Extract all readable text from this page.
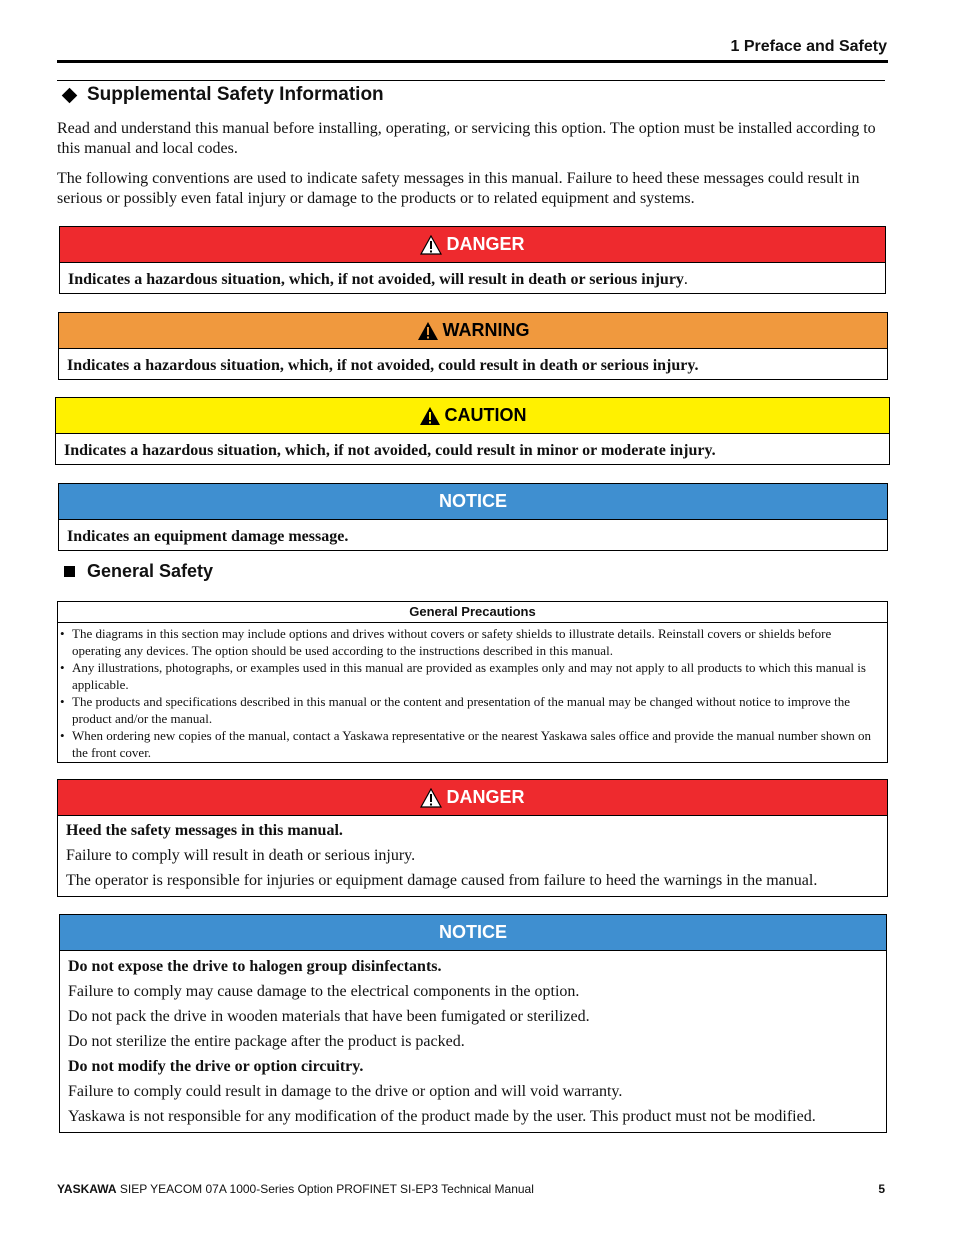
1 Preface and Safety
Supplemental Safety Information

Read and understand this manual before installing, operating, or servicing this option. The option must be installed according to this manual and local codes.

The following conventions are used to indicate safety messages in this manual. Failure to heed these messages could result in serious or possibly even fatal injury or damage to the products or to related equipment and systems.

DANGER
Indicates a hazardous situation, which, if not avoided, will result in death or serious injury.
WARNING
Indicates a hazardous situation, which, if not avoided, could result in death or serious injury.
CAUTION
Indicates a hazardous situation, which, if not avoided, could result in minor or moderate injury.
NOTICE
Indicates an equipment damage message.
General Safety
General Precautions
• The diagrams in this section may include options and drives without covers or safety shields to illustrate details. Reinstall covers or shields before operating any devices. The option should be used according to the instructions described in this manual.
• Any illustrations, photographs, or examples used in this manual are provided as examples only and may not apply to all products to which this manual is applicable.
• The products and specifications described in this manual or the content and presentation of the manual may be changed without notice to improve the product and/or the manual.
• When ordering new copies of the manual, contact a Yaskawa representative or the nearest Yaskawa sales office and provide the manual number shown on the front cover.
DANGER
Heed the safety messages in this manual.
Failure to comply will result in death or serious injury.
The operator is responsible for injuries or equipment damage caused from failure to heed the warnings in the manual.
NOTICE
Do not expose the drive to halogen group disinfectants.
Failure to comply may cause damage to the electrical components in the option.
Do not pack the drive in wooden materials that have been fumigated or sterilized.
Do not sterilize the entire package after the product is packed.
Do not modify the drive or option circuitry.
Failure to comply could result in damage to the drive or option and will void warranty.
Yaskawa is not responsible for any modification of the product made by the user. This product must not be modified.
YASKAWA SIEP YEACOM 07A 1000-Series Option PROFINET SI-EP3 Technical Manual	5
